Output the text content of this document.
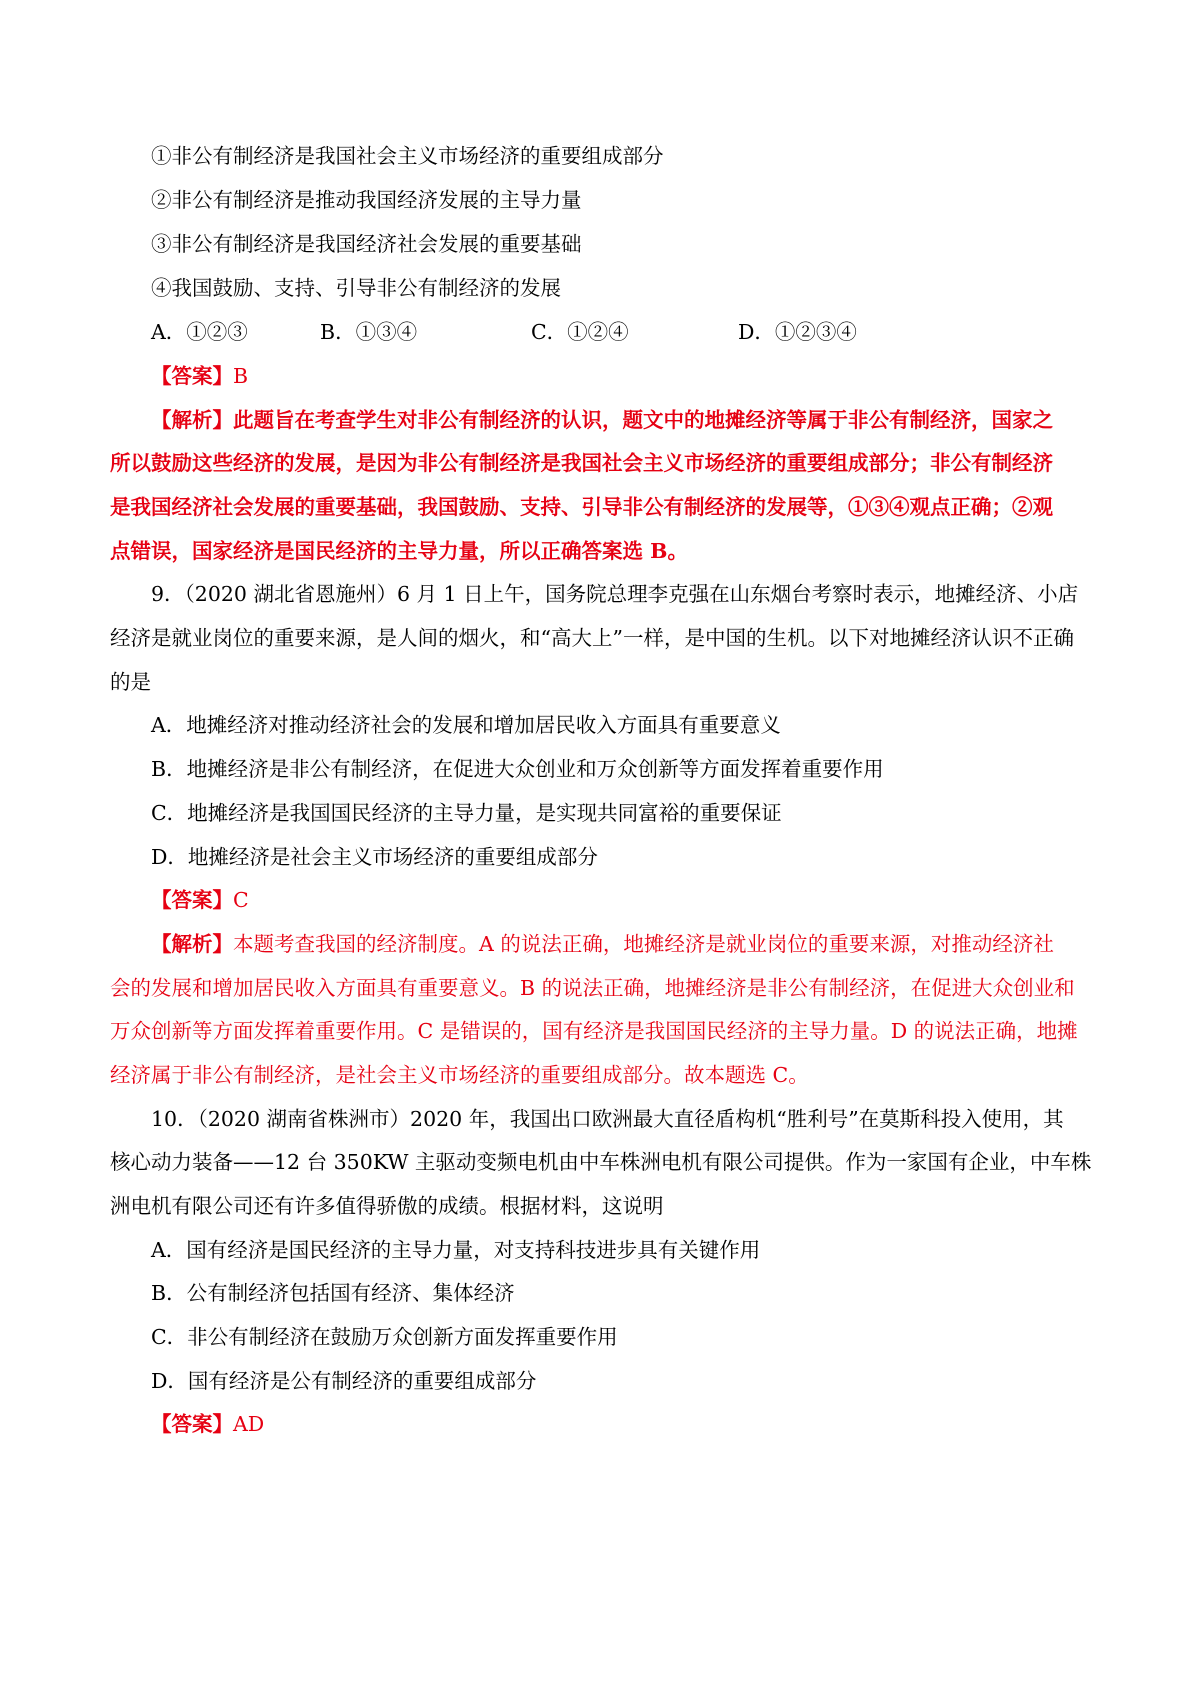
①非公有制经济是我国社会主义市场经济的重要组成部分
②非公有制经济是推动我国经济发展的主导力量
③非公有制经济是我国经济社会发展的重要基础
④我国鼓励、支持、引导非公有制经济的发展
A．①②③	B．①③④	C．①②④	D．①②③④
【答案】B
【解析】此题旨在考查学生对非公有制经济的认识，题文中的地摊经济等属于非公有制经济，国家之
所以鼓励这些经济的发展，是因为非公有制经济是我国社会主义市场经济的重要组成部分；非公有制经济
是我国经济社会发展的重要基础，我国鼓励、支持、引导非公有制经济的发展等，①③④观点正确；②观
点错误，国家经济是国民经济的主导力量，所以正确答案选 B。
9．（2020 湖北省恩施州）6 月 1 日上午，国务院总理李克强在山东烟台考察时表示，地摊经济、小店
经济是就业岗位的重要来源，是人间的烟火，和“高大上”一样，是中国的生机。以下对地摊经济认识不正确
的是
A．地摊经济对推动经济社会的发展和增加居民收入方面具有重要意义
B．地摊经济是非公有制经济，在促进大众创业和万众创新等方面发挥着重要作用
C．地摊经济是我国国民经济的主导力量，是实现共同富裕的重要保证
D．地摊经济是社会主义市场经济的重要组成部分
【答案】C
【解析】本题考查我国的经济制度。A 的说法正确，地摊经济是就业岗位的重要来源，对推动经济社
会的发展和增加居民收入方面具有重要意义。B 的说法正确，地摊经济是非公有制经济，在促进大众创业和
万众创新等方面发挥着重要作用。C 是错误的，国有经济是我国国民经济的主导力量。D 的说法正确，地摊
经济属于非公有制经济，是社会主义市场经济的重要组成部分。故本题选 C。
10．（2020 湖南省株洲市）2020 年，我国出口欧洲最大直径盾构机“胜利号”在莫斯科投入使用，其
核心动力装备——12 台 350KW 主驱动变频电机由中车株洲电机有限公司提供。作为一家国有企业，中车株
洲电机有限公司还有许多值得骄傲的成绩。根据材料，这说明
A．国有经济是国民经济的主导力量，对支持科技进步具有关键作用
B．公有制经济包括国有经济、集体经济
C．非公有制经济在鼓励万众创新方面发挥重要作用
D．国有经济是公有制经济的重要组成部分
【答案】AD
